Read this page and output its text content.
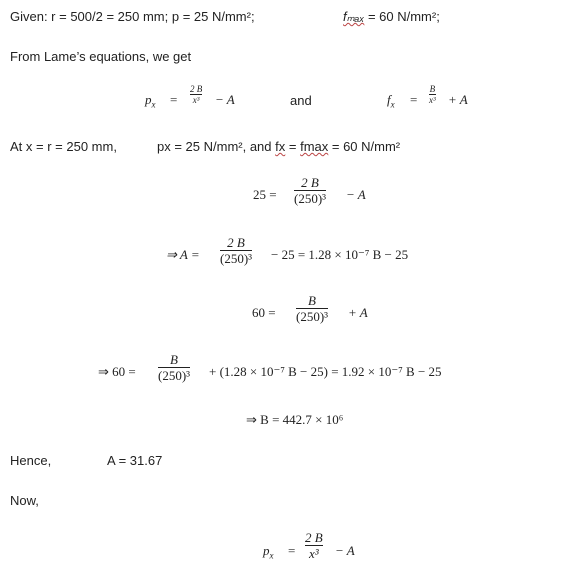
Given: r = 500/2 = 250 mm; p = 25 N/mm²;	fₘₐₓ = 60 N/mm²;
From Lame’s equations, we get
$p_x$ =
2 B
x³ − A	and	$f_x$ =
B
x³ + A
At x = r = 250 mm,	px = 25 N/mm², and fx = fmax = 60 N/mm²
25 =
2 B
(250)³ − A
⇒ A =
2 B
(250)³ − 25 = 1.28 × 10⁻⁷ B − 25
60 =
B
(250)³ + A
⇒ 60 =
B
(250)³ + (1.28 × 10⁻⁷ B − 25) = 1.92 × 10⁻⁷ B − 25
⇒ B = 442.7 × 10⁶
Hence,	A = 31.67
Now,
$p_x$ =
2 B
x³ − A
